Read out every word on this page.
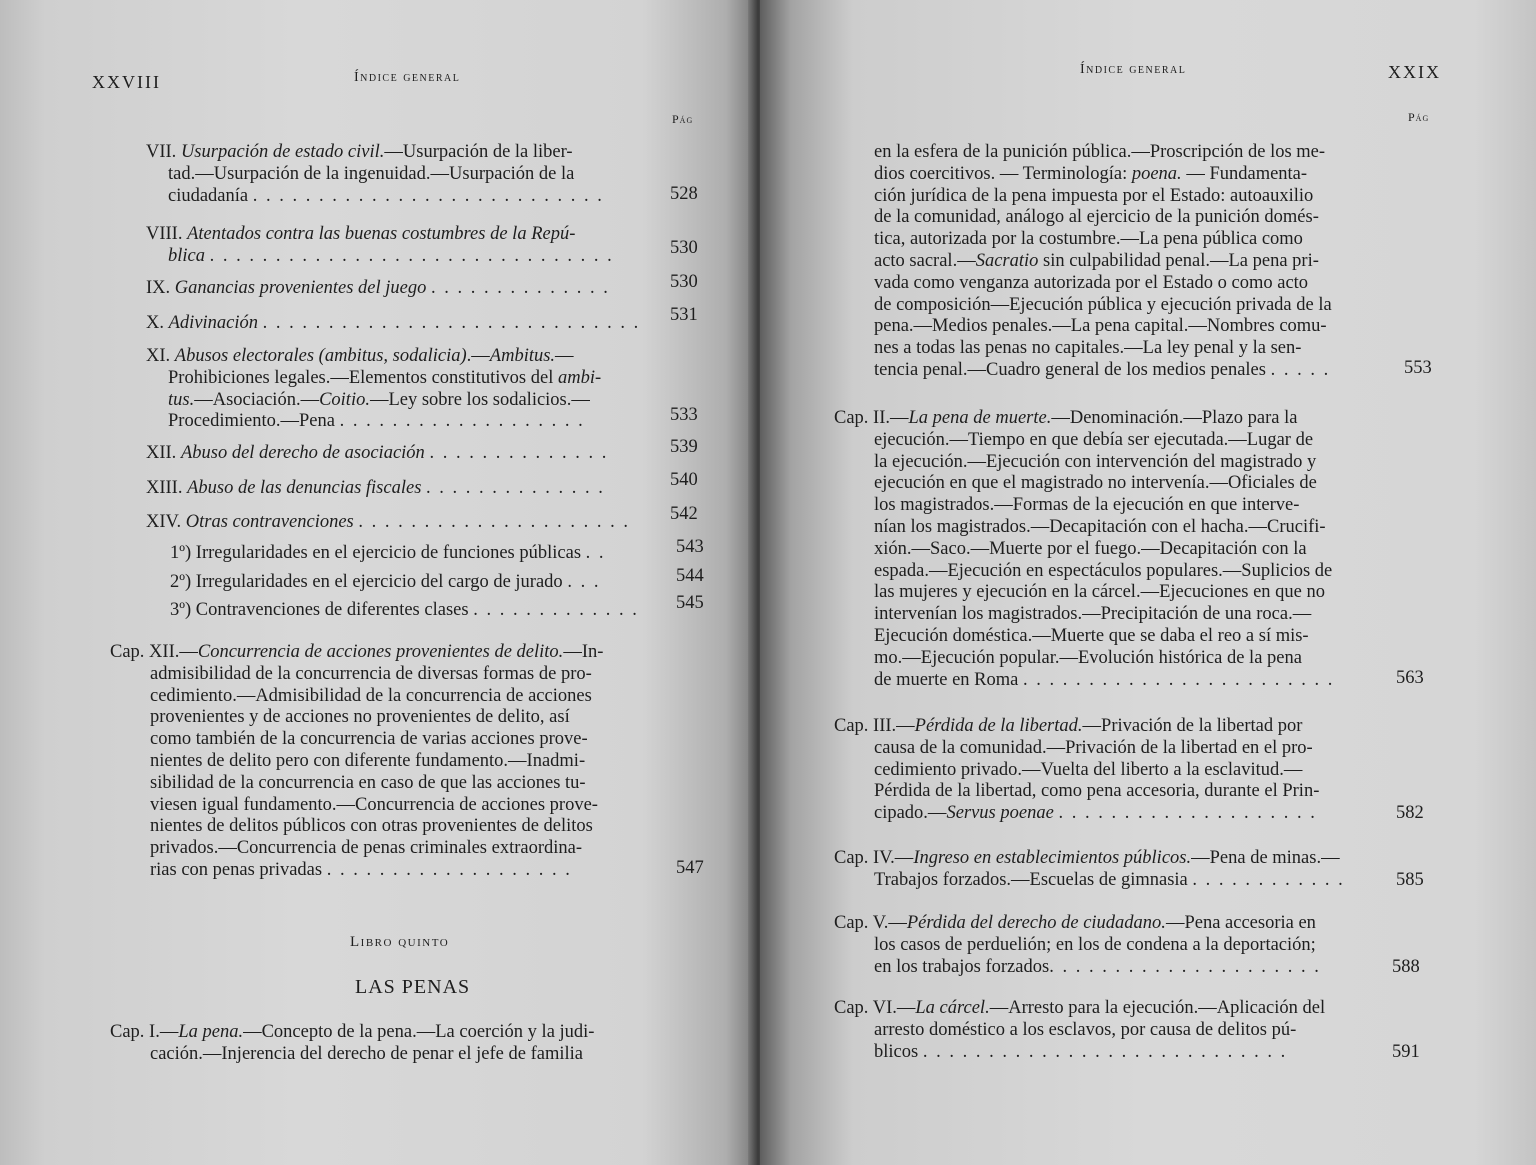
XXVIII	Índice general
Pág
VII. Usurpación de estado civil.—Usurpación de la liber-
tad.—Usurpación de la ingenuidad.—Usurpación de la
ciudadanía . . . . . . . . . . . . . . . . . . . . . . . . . . .	528
VIII. Atentados contra las buenas costumbres de la Repú-
blica . . . . . . . . . . . . . . . . . . . . . . . . . . . . . . .	530
IX. Ganancias provenientes del juego . . . . . . . . . . . . . .	530
X. Adivinación . . . . . . . . . . . . . . . . . . . . . . . . . . . . .	531
XI. Abusos electorales (ambitus, sodalicia).—Ambitus.—
Prohibiciones legales.—Elementos constitutivos del ambi-
tus.—Asociación.—Coitio.—Ley sobre los sodalicios.—
Procedimiento.—Pena . . . . . . . . . . . . . . . . . . .	533
XII. Abuso del derecho de asociación . . . . . . . . . . . . . .	539
XIII. Abuso de las denuncias fiscales . . . . . . . . . . . . . .	540
XIV. Otras contravenciones . . . . . . . . . . . . . . . . . . . . .	542
1º) Irregularidades en el ejercicio de funciones públicas . .	543
2º) Irregularidades en el ejercicio del cargo de jurado . . .	544
3º) Contravenciones de diferentes clases . . . . . . . . . . . . .	545
Cap. XII.—Concurrencia de acciones provenientes de delito.—In-
admisibilidad de la concurrencia de diversas formas de pro-
cedimiento.—Admisibilidad de la concurrencia de acciones
provenientes y de acciones no provenientes de delito, así
como también de la concurrencia de varias acciones prove-
nientes de delito pero con diferente fundamento.—Inadmi-
sibilidad de la concurrencia en caso de que las acciones tu-
viesen igual fundamento.—Concurrencia de acciones prove-
nientes de delitos públicos con otras provenientes de delitos
privados.—Concurrencia de penas criminales extraordina-
rias con penas privadas . . . . . . . . . . . . . . . . . . .	547
Libro quinto
LAS PENAS
Cap. I.—La pena.—Concepto de la pena.—La coerción y la judi-
cación.—Injerencia del derecho de penar el jefe de familia
Índice general	XXIX
Pág
en la esfera de la punición pública.—Proscripción de los me-
dios coercitivos. — Terminología: poena. — Fundamenta-
ción jurídica de la pena impuesta por el Estado: autoauxilio
de la comunidad, análogo al ejercicio de la punición domés-
tica, autorizada por la costumbre.—La pena pública como
acto sacral.—Sacratio sin culpabilidad penal.—La pena pri-
vada como venganza autorizada por el Estado o como acto
de composición—Ejecución pública y ejecución privada de la
pena.—Medios penales.—La pena capital.—Nombres comu-
nes a todas las penas no capitales.—La ley penal y la sen-
tencia penal.—Cuadro general de los medios penales . . . . .	553
Cap. II.—La pena de muerte.—Denominación.—Plazo para la
ejecución.—Tiempo en que debía ser ejecutada.—Lugar de
la ejecución.—Ejecución con intervención del magistrado y
ejecución en que el magistrado no intervenía.—Oficiales de
los magistrados.—Formas de la ejecución en que interve-
nían los magistrados.—Decapitación con el hacha.—Crucifi-
xión.—Saco.—Muerte por el fuego.—Decapitación con la
espada.—Ejecución en espectáculos populares.—Suplicios de
las mujeres y ejecución en la cárcel.—Ejecuciones en que no
intervenían los magistrados.—Precipitación de una roca.—
Ejecución doméstica.—Muerte que se daba el reo a sí mis-
mo.—Ejecución popular.—Evolución histórica de la pena
de muerte en Roma . . . . . . . . . . . . . . . . . . . . . . . .	563
Cap. III.—Pérdida de la libertad.—Privación de la libertad por
causa de la comunidad.—Privación de la libertad en el pro-
cedimiento privado.—Vuelta del liberto a la esclavitud.—
Pérdida de la libertad, como pena accesoria, durante el Prin-
cipado.—Servus poenae . . . . . . . . . . . . . . . . . . . .	582
Cap. IV.—Ingreso en establecimientos públicos.—Pena de minas.—
Trabajos forzados.—Escuelas de gimnasia . . . . . . . . . . . .	585
Cap. V.—Pérdida del derecho de ciudadano.—Pena accesoria en
los casos de perduelión; en los de condena a la deportación;
en los trabajos forzados. . . . . . . . . . . . . . . . . . . . .	588
Cap. VI.—La cárcel.—Arresto para la ejecución.—Aplicación del
arresto doméstico a los esclavos, por causa de delitos pú-
blicos . . . . . . . . . . . . . . . . . . . . . . . . . . . .	591
